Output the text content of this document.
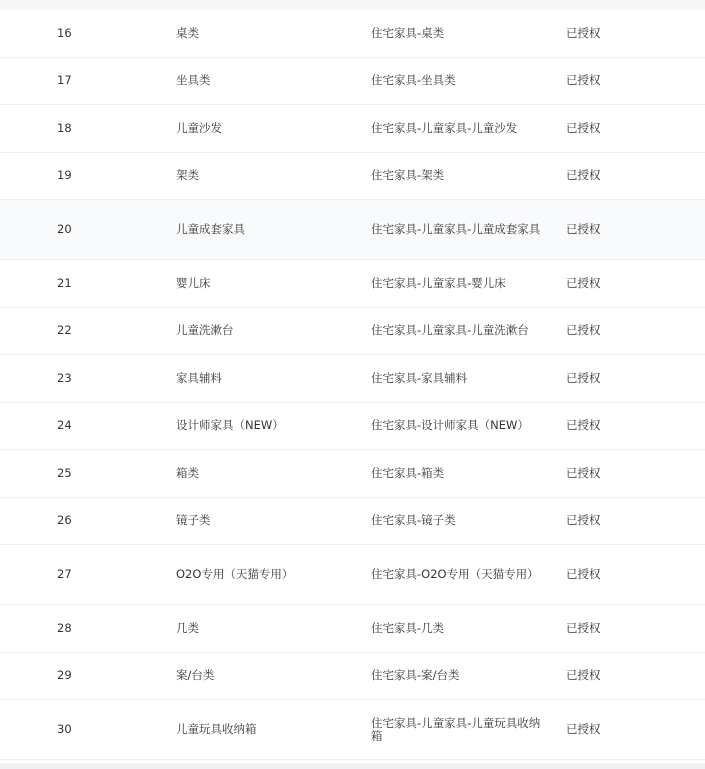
16	桌类	住宅家具-桌类	已授权
17	坐具类	住宅家具-坐具类	已授权
18	儿童沙发	住宅家具-儿童家具-儿童沙发	已授权
19	架类	住宅家具-架类	已授权
20	儿童成套家具	住宅家具-儿童家具-儿童成套家具 已授权
21	婴儿床	住宅家具-儿童家具-婴儿床	已授权
22	儿童洗漱台	住宅家具-儿童家具-儿童洗漱台	已授权
23	家具辅料	住宅家具-家具辅料	已授权
24	设计师家具（NEW）	住宅家具-设计师家具（NEW）	已授权
25	箱类	住宅家具-箱类	已授权
26	镜子类	住宅家具-镜子类	已授权
27	O2O专用（天猫专用）	住宅家具-O2O专用（天猫专用）	已授权
28	几类	住宅家具-几类	已授权
29	案/台类	住宅家具-案/台类	已授权
30	儿童玩具收纳箱	住宅家具-儿童家具-儿童玩具收纳箱	已授权
